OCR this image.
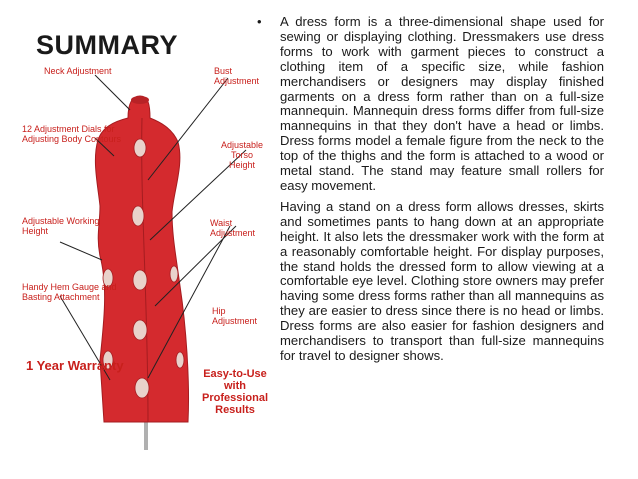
SUMMARY
Neck Adjustment	Bust Adjustment
12 Adjustment Dials for
Adjusting Body Contours
Adjustable Torso
Height
Adjustable Working
Height
Waist Adjustment
Handy Hem Gauge and
Basting Attachment
Hip Adjustment
1 Year Warranty
Easy-to-Use with
Professional
Results
• A dress form is a three-dimensional shape used for sewing or displaying clothing. Dressmakers use dress forms to work with garment pieces to construct a clothing item of a specific size, while fashion merchandisers or designers may display finished garments on a dress form rather than on a full-size mannequin. Mannequin dress forms differ from full-size mannequins in that they don't have a head or limbs. Dress forms model a female figure from the neck to the top of the thighs and the form is attached to a wood or metal stand. The stand may feature small rollers for easy movement.
Having a stand on a dress form allows dresses, skirts and sometimes pants to hang down at an appropriate height. It also lets the dressmaker work with the form at a reasonably comfortable height. For display purposes, the stand holds the dressed form to allow viewing at a comfortable eye level. Clothing store owners may prefer having some dress forms rather than all mannequins as they are easier to dress since there is no head or limbs. Dress forms are also easier for fashion designers and merchandisers to transport than full-size mannequins for travel to designer shows.
